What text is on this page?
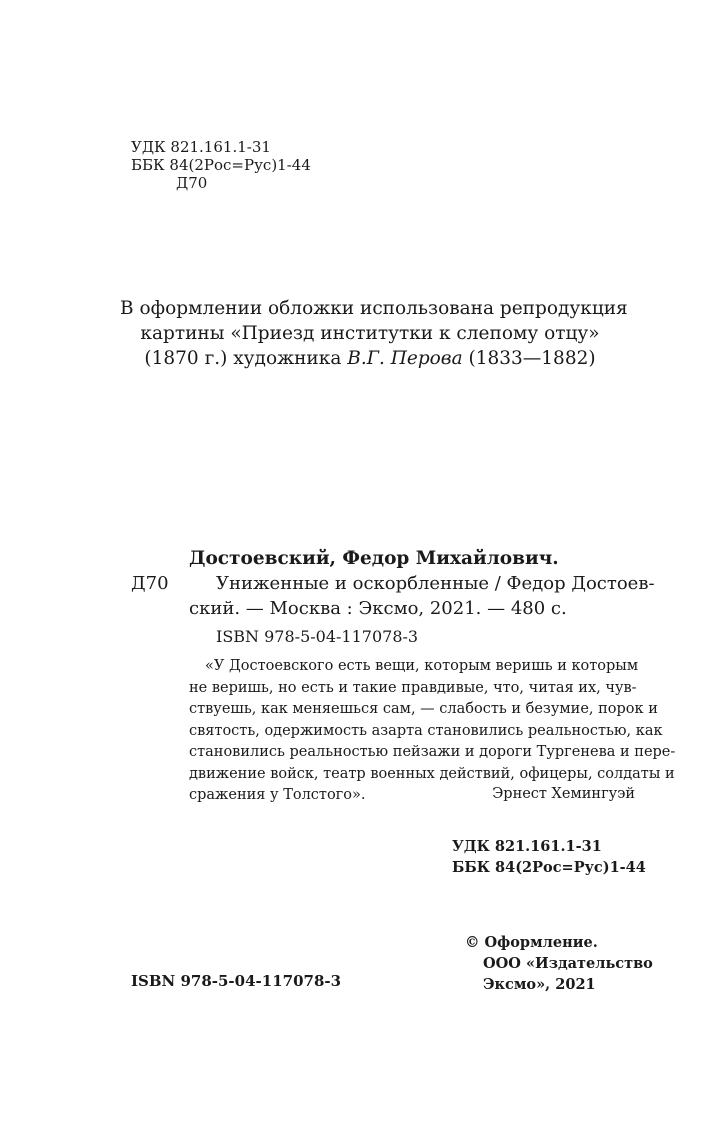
УДК 821.161.1-31
ББК 84(2Рос=Рус)1-44
Д70
В оформлении обложки использована репродукция
картины «Приезд институтки к слепому отцу»
(1870 г.) художника В.Г. Перова (1833—1882)
Достоевский, Федор Михайлович.
Д70	Униженные и оскорбленные / Федор Достоев-
ский. — Москва : Эксмо, 2021. — 480 с.
ISBN 978-5-04-117078-3
«У Достоевского есть вещи, которым веришь и которым
не веришь, но есть и такие правдивые, что, читая их, чув-
ствуешь, как меняешься сам, — слабость и безумие, порок и
святость, одержимость азарта становились реальностью, как
становились реальностью пейзажи и дороги Тургенева и пере-
движение войск, театр военных действий, офицеры, солдаты и
сражения у Толстого».	Эрнест Хемингуэй
УДК 821.161.1-31
ББК 84(2Рос=Рус)1-44
© Оформление.
ООО «Издательство
Эксмо», 2021
ISBN 978-5-04-117078-3
